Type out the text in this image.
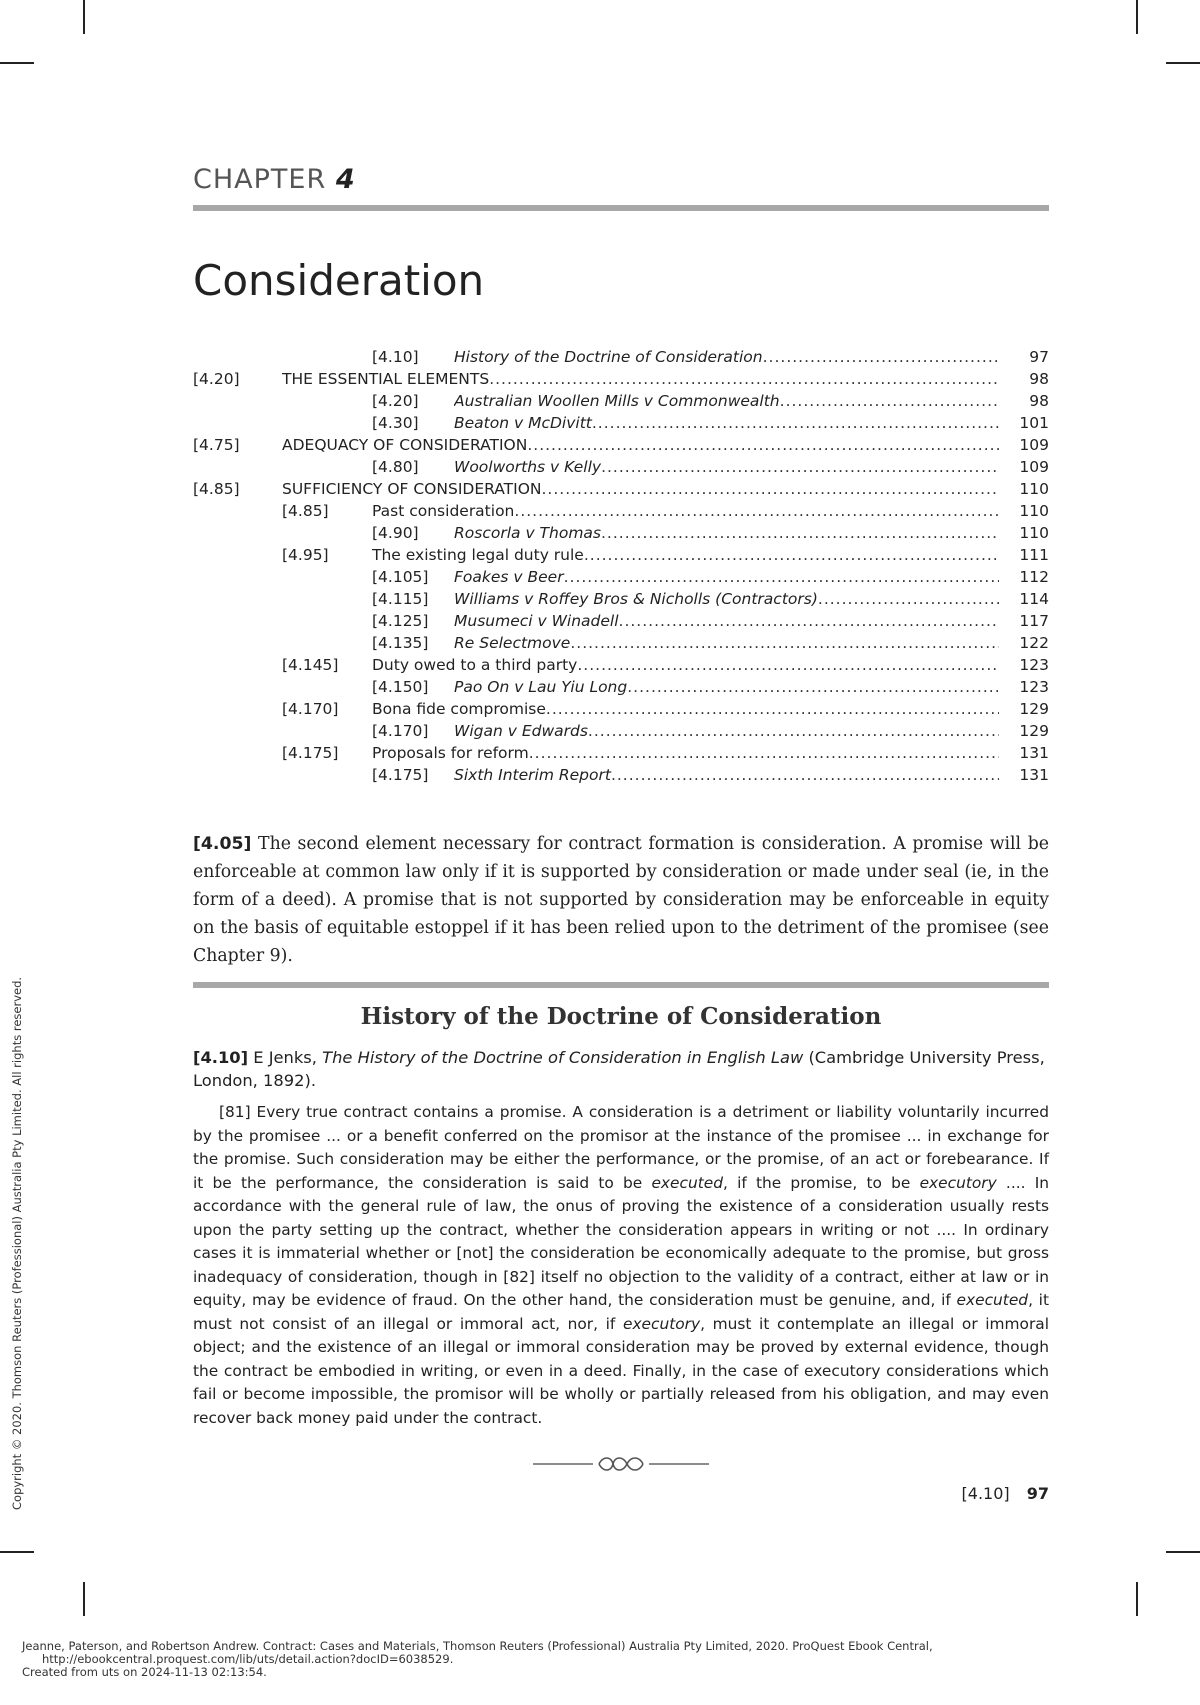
CHAPTER 4
Consideration
[4.10] History of the Doctrine of Consideration .....	97
[4.20]	THE ESSENTIAL ELEMENTS .....	98
[4.20] Australian Woollen Mills v Commonwealth .....	98
[4.30] Beaton v McDivitt .....	101
[4.75]	ADEQUACY OF CONSIDERATION .....	109
[4.80] Woolworths v Kelly .....	109
[4.85]	SUFFICIENCY OF CONSIDERATION .....	110
[4.85]	Past consideration .....	110
[4.90] Roscorla v Thomas .....	110
[4.95]	The existing legal duty rule .....	111
[4.105] Foakes v Beer .....	112
[4.115] Williams v Roffey Bros & Nicholls (Contractors) .....	114
[4.125] Musumeci v Winadell .....	117
[4.135] Re Selectmove .....	122
[4.145] Duty owed to a third party .....	123
[4.150] Pao On v Lau Yiu Long .....	123
[4.170] Bona fide compromise .....	129
[4.170] Wigan v Edwards .....	129
[4.175] Proposals for reform .....	131
[4.175] Sixth Interim Report .....	131
[4.05] The second element necessary for contract formation is consideration. A promise will be enforceable at common law only if it is supported by consideration or made under seal (ie, in the form of a deed). A promise that is not supported by consideration may be enforceable in equity on the basis of equitable estoppel if it has been relied upon to the detriment of the promisee (see Chapter 9).
History of the Doctrine of Consideration
[4.10] E Jenks, The History of the Doctrine of Consideration in English Law (Cambridge University Press, London, 1892).
[81] Every true contract contains a promise. A consideration is a detriment or liability voluntarily incurred by the promisee ... or a benefit conferred on the promisor at the instance of the promisee ... in exchange for the promise. Such consideration may be either the performance, or the promise, of an act or forebearance. If it be the performance, the consideration is said to be executed, if the promise, to be executory .... In accordance with the general rule of law, the onus of proving the existence of a consideration usually rests upon the party setting up the contract, whether the consideration appears in writing or not .... In ordinary cases it is immaterial whether or [not] the consideration be economically adequate to the promise, but gross inadequacy of consideration, though in [82] itself no objection to the validity of a contract, either at law or in equity, may be evidence of fraud. On the other hand, the consideration must be genuine, and, if executed, it must not consist of an illegal or immoral act, nor, if executory, must it contemplate an illegal or immoral object; and the existence of an illegal or immoral consideration may be proved by external evidence, though the contract be embodied in writing, or even in a deed. Finally, in the case of executory considerations which fail or become impossible, the promisor will be wholly or partially released from his obligation, and may even recover back money paid under the contract.
[4.10] 97
Copyright © 2020. Thomson Reuters (Professional) Australia Pty Limited. All rights reserved.
Jeanne, Paterson, and Robertson Andrew. Contract: Cases and Materials, Thomson Reuters (Professional) Australia Pty Limited, 2020. ProQuest Ebook Central,
http://ebookcentral.proquest.com/lib/uts/detail.action?docID=6038529.
Created from uts on 2024-11-13 02:13:54.
